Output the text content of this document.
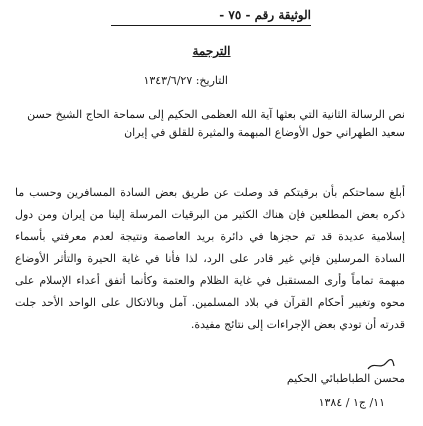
الوثيقة رقم - ٧٥ -
الترجمة
التاريخ: ١٣٤٣/٦/٢٧
نص الرسالة الثانية التي بعثها آية الله العظمى الحكيم إلى سماحة الحاج الشيخ حسن سعيد الطهراني حول الأوضاع المبهمة والمثيرة للقلق في إيران
أبلغ سماحتكم بأن برقيتكم قد وصلت عن طريق بعض السادة المسافرين وحسب ما ذكره بعض المطلعين فإن هناك الكثير من البرقيات المرسلة إلينا من إيران ومن دول إسلامية عديدة قد تم حجزها في دائرة بريد العاصمة ونتيجة لعدم معرفتي بأسماء السادة المرسلين فإني غير قادر على الرد، لذا فأنا في غاية الحيرة والتأثر الأوضاع مبهمة تماماً وأرى المستقبل في غاية الظلام والعتمة وكأنما أتفق أعداء الإسلام على محوه وتغيير أحكام القرآن في بلاد المسلمين. آمل وبالاتكال على الواحد الأحد جلت قدرته أن تودي بعض الإجراءات إلى نتائج مفيدة.
محسن الطباطبائي الحكيم
١١/ ج١ / ١٣٨٤
